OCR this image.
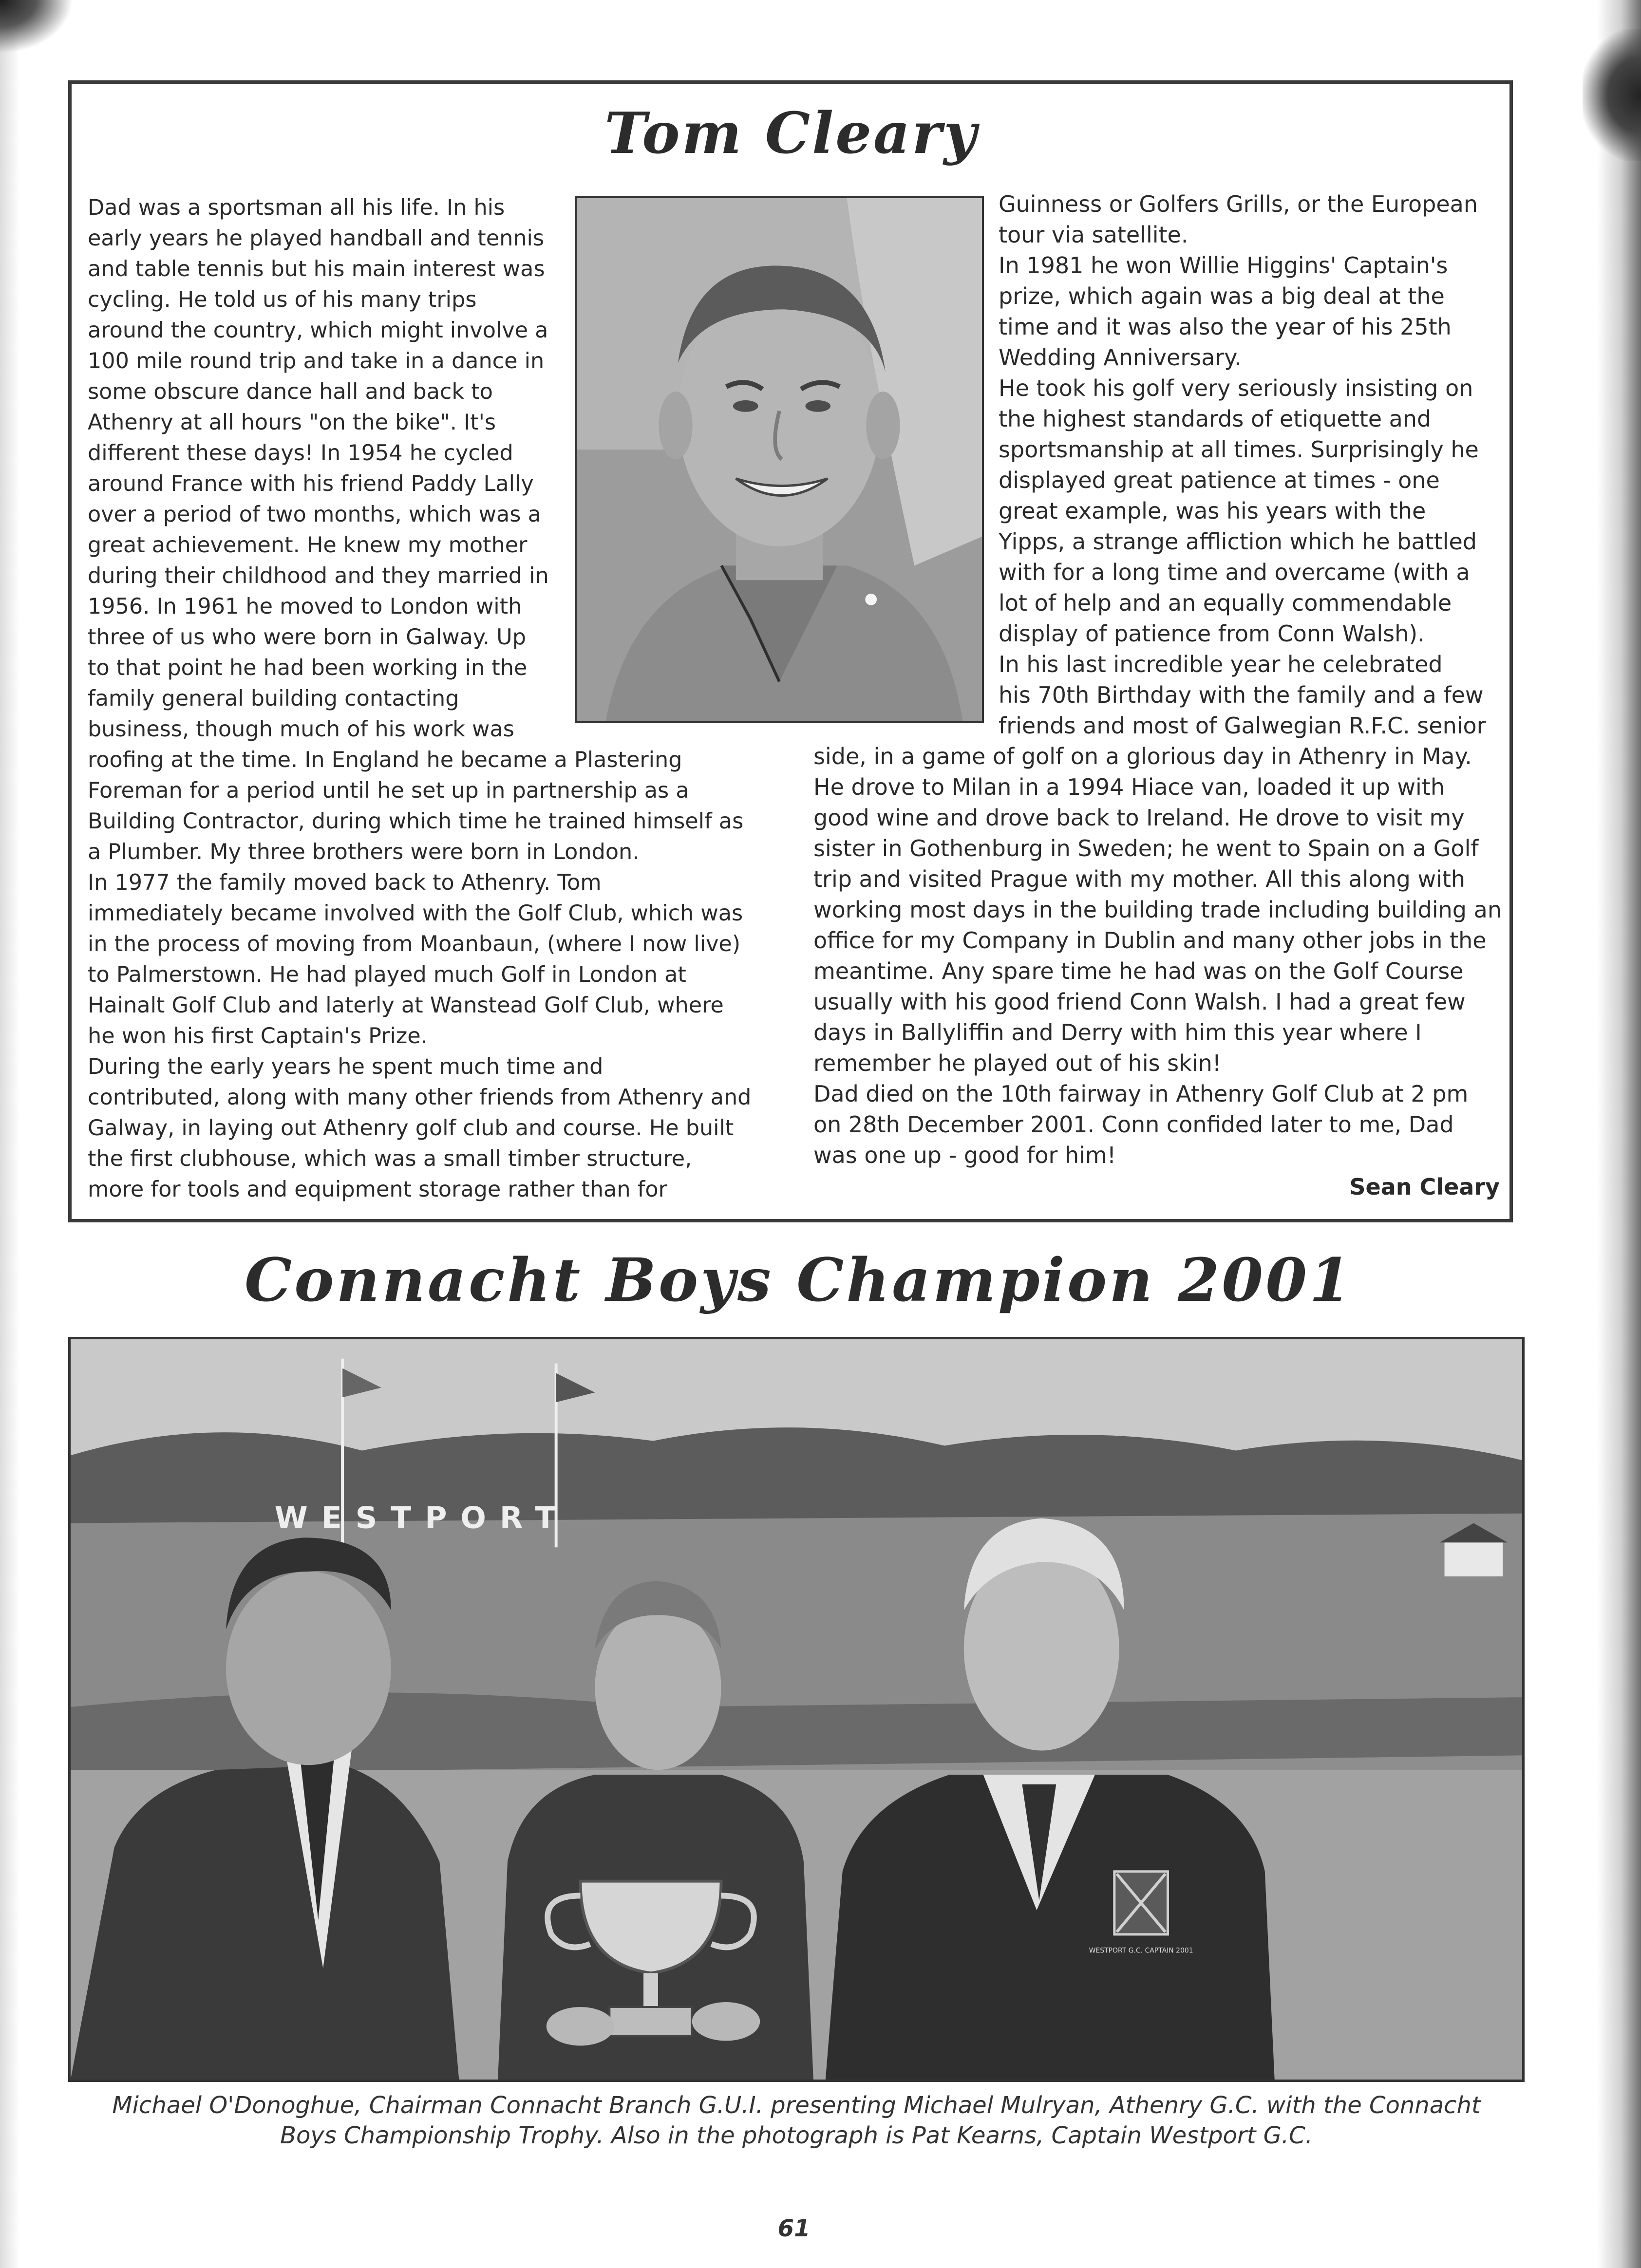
Tom Cleary
Dad was a sportsman all his life. In his
early years he played handball and tennis
and table tennis but his main interest was
cycling. He told us of his many trips
around the country, which might involve a
100 mile round trip and take in a dance in
some obscure dance hall and back to
Athenry at all hours "on the bike". It's
different these days! In 1954 he cycled
around France with his friend Paddy Lally
over a period of two months, which was a
great achievement. He knew my mother
during their childhood and they married in
1956. In 1961 he moved to London with
three of us who were born in Galway. Up
to that point he had been working in the
family general building contacting
business, though much of his work was
roofing at the time. In England he became a Plastering
Foreman for a period until he set up in partnership as a
Building Contractor, during which time he trained himself as
a Plumber. My three brothers were born in London.
In 1977 the family moved back to Athenry. Tom
immediately became involved with the Golf Club, which was
in the process of moving from Moanbaun, (where I now live)
to Palmerstown. He had played much Golf in London at
Hainalt Golf Club and laterly at Wanstead Golf Club, where
he won his first Captain's Prize.
During the early years he spent much time and
contributed, along with many other friends from Athenry and
Galway, in laying out Athenry golf club and course. He built
the first clubhouse, which was a small timber structure,
more for tools and equipment storage rather than for
Guinness or Golfers Grills, or the European
tour via satellite.
In 1981 he won Willie Higgins' Captain's
prize, which again was a big deal at the
time and it was also the year of his 25th
Wedding Anniversary.
He took his golf very seriously insisting on
the highest standards of etiquette and
sportsmanship at all times. Surprisingly he
displayed great patience at times - one
great example, was his years with the
Yipps, a strange affliction which he battled
with for a long time and overcame (with a
lot of help and an equally commendable
display of patience from Conn Walsh).
In his last incredible year he celebrated
his 70th Birthday with the family and a few
friends and most of Galwegian R.F.C. senior
side, in a game of golf on a glorious day in Athenry in May.
He drove to Milan in a 1994 Hiace van, loaded it up with
good wine and drove back to Ireland. He drove to visit my
sister in Gothenburg in Sweden; he went to Spain on a Golf
trip and visited Prague with my mother. All this along with
working most days in the building trade including building an
office for my Company in Dublin and many other jobs in the
meantime. Any spare time he had was on the Golf Course
usually with his good friend Conn Walsh. I had a great few
days in Ballyliffin and Derry with him this year where I
remember he played out of his skin!
Dad died on the 10th fairway in Athenry Golf Club at 2 pm
on 28th December 2001. Conn confided later to me, Dad
was one up - good for him!
Sean Cleary
Connacht Boys Champion 2001
WESTPORT
WESTPORT G.C. CAPTAIN 2001
Michael O'Donoghue, Chairman Connacht Branch G.U.I. presenting Michael Mulryan, Athenry G.C. with the Connacht
Boys Championship Trophy. Also in the photograph is Pat Kearns, Captain Westport G.C.
61
